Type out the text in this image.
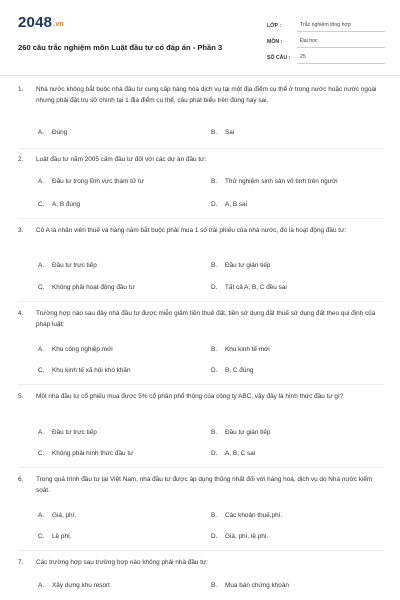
2048.vn
260 câu trắc nghiệm môn Luật đầu tư có đáp án - Phần 3
LỚP :	Trắc nghiệm tổng hợp
MÔN :	Đại học
SỐ CÂU :	25
1. Nhà nước không bắt buộc nhà đầu tư cung cấp hàng hóa dịch vụ tại một địa điểm cụ thể ở trong nước hoặc nước ngoài nhưng phải đặt trụ sở chính tại 1 địa điểm cụ thể, câu phát biểu trên đúng hay sai.
A. Đúng	B. Sai
2. Luật đầu tư năm 2005 cấm đầu tư đối với các dự án đầu tư:
A. Đầu tư trong lĩnh vực thám tử tư	B. Thử nghiệm sinh sản vô tính trên người
C. A, B đúng	D. A, B sai
3. Cô A là nhân viên thuế và hàng năm bắt buộc phải mua 1 số trái phiếu của nhà nước, đó là hoạt động đầu tư:
A. Đầu tư trực tiếp	B. Đầu tư gián tiếp
C. Không phải hoạt động đầu tư	D. Tất cả A, B, C đều sai
4. Trường hợp nào sau đây nhà đầu tư được miễn giảm tiền thuê đất, tiền sử dụng đất thuế sử dụng đất theo qui định của pháp luật:
A. Khu công nghiệp mới	B. Khu kinh tế mới
C. Khu kinh tế xã hội khó khăn	D. B, C đúng
5. Một nhà đầu tư cổ phiếu mua được 5% cổ phần phổ thông của công ty ABC, vậy đây là hình thức đầu tư gì?
A. Đầu tư trực tiếp	B. Đầu tư gián tiếp
C. Không phải hình thức đầu tư	D. A, B, C sai
6. Trong quá trình đầu tư tại Việt Nam, nhà đầu tư được áp dụng thống nhất đối với hàng hoá, dịch vụ do Nhà nước kiểm soát.
A. Giá, phí.	B. Các khoản thuế,phí.
C. Lệ phí.	D. Giá, phí, lệ phí.
7. Các trường hợp sau trường hợp nào không phải nhà đầu tư:
A. Xây dựng khu resort	B. Mua bán chứng khoán
